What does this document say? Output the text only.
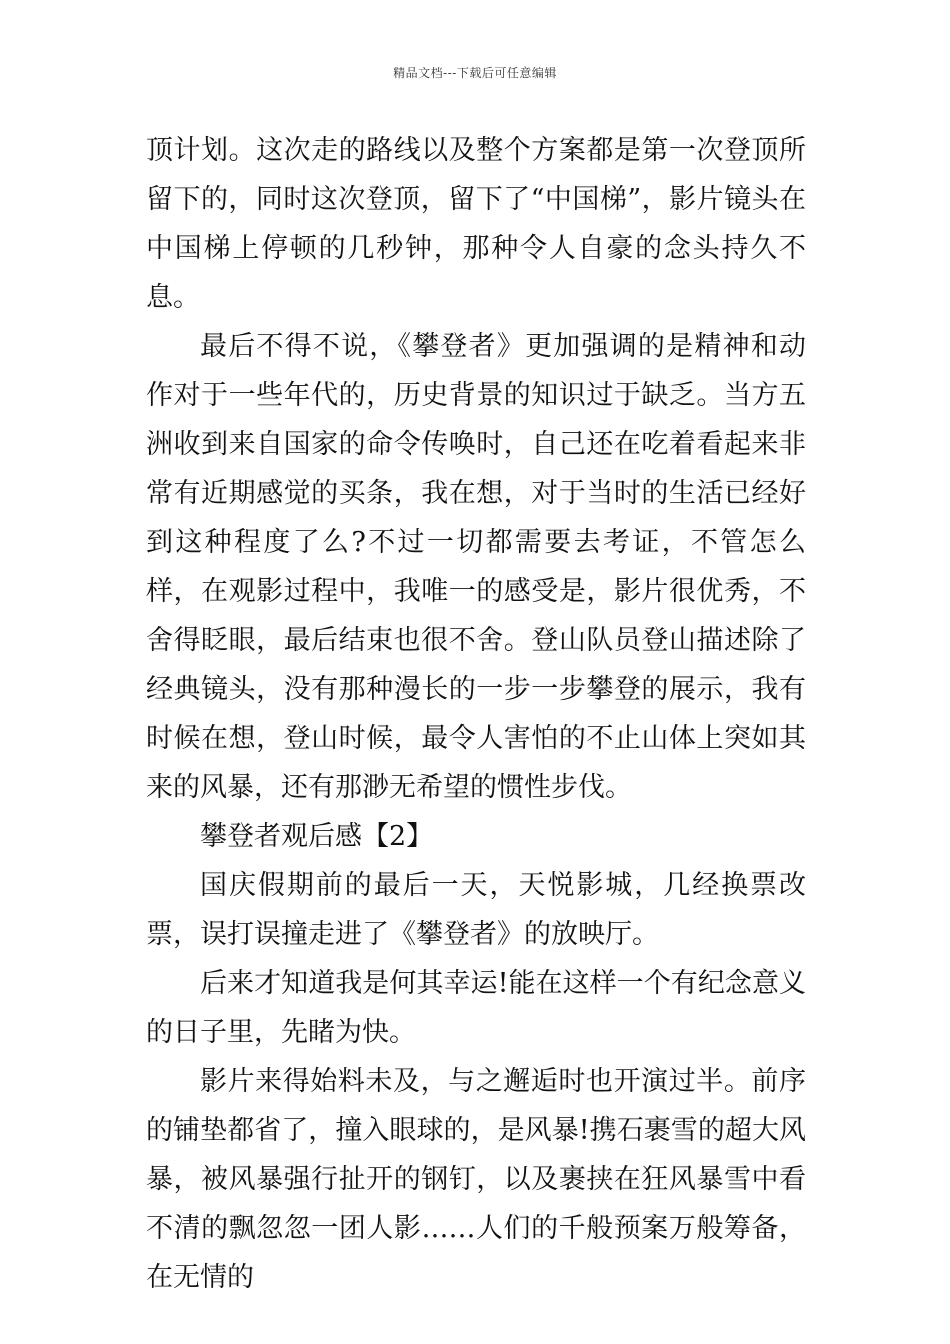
精品文档---下载后可任意编辑

顶计划。这次走的路线以及整个方案都是第一次登顶所留下的，同时这次登顶，留下了“中国梯”，影片镜头在中国梯上停顿的几秒钟，那种令人自豪的念头持久不息。

最后不得不说，《攀登者》更加强调的是精神和动作对于一些年代的，历史背景的知识过于缺乏。当方五洲收到来自国家的命令传唤时，自己还在吃着看起来非常有近期感觉的买条，我在想，对于当时的生活已经好到这种程度了么?不过一切都需要去考证，不管怎么样，在观影过程中，我唯一的感受是，影片很优秀，不舍得眨眼，最后结束也很不舍。登山队员登山描述除了经典镜头，没有那种漫长的一步一步攀登的展示，我有时候在想，登山时候，最令人害怕的不止山体上突如其来的风暴，还有那渺无希望的惯性步伐。

攀登者观后感【2】

国庆假期前的最后一天，天悦影城，几经换票改票，误打误撞走进了《攀登者》的放映厅。

后来才知道我是何其幸运!能在这样一个有纪念意义的日子里，先睹为快。

影片来得始料未及，与之邂逅时也开演过半。前序的铺垫都省了，撞入眼球的，是风暴!携石裹雪的超大风暴，被风暴强行扯开的钢钉，以及裹挟在狂风暴雪中看不清的飘忽忽一团人影……人们的千般预案万般筹备，在无情的
